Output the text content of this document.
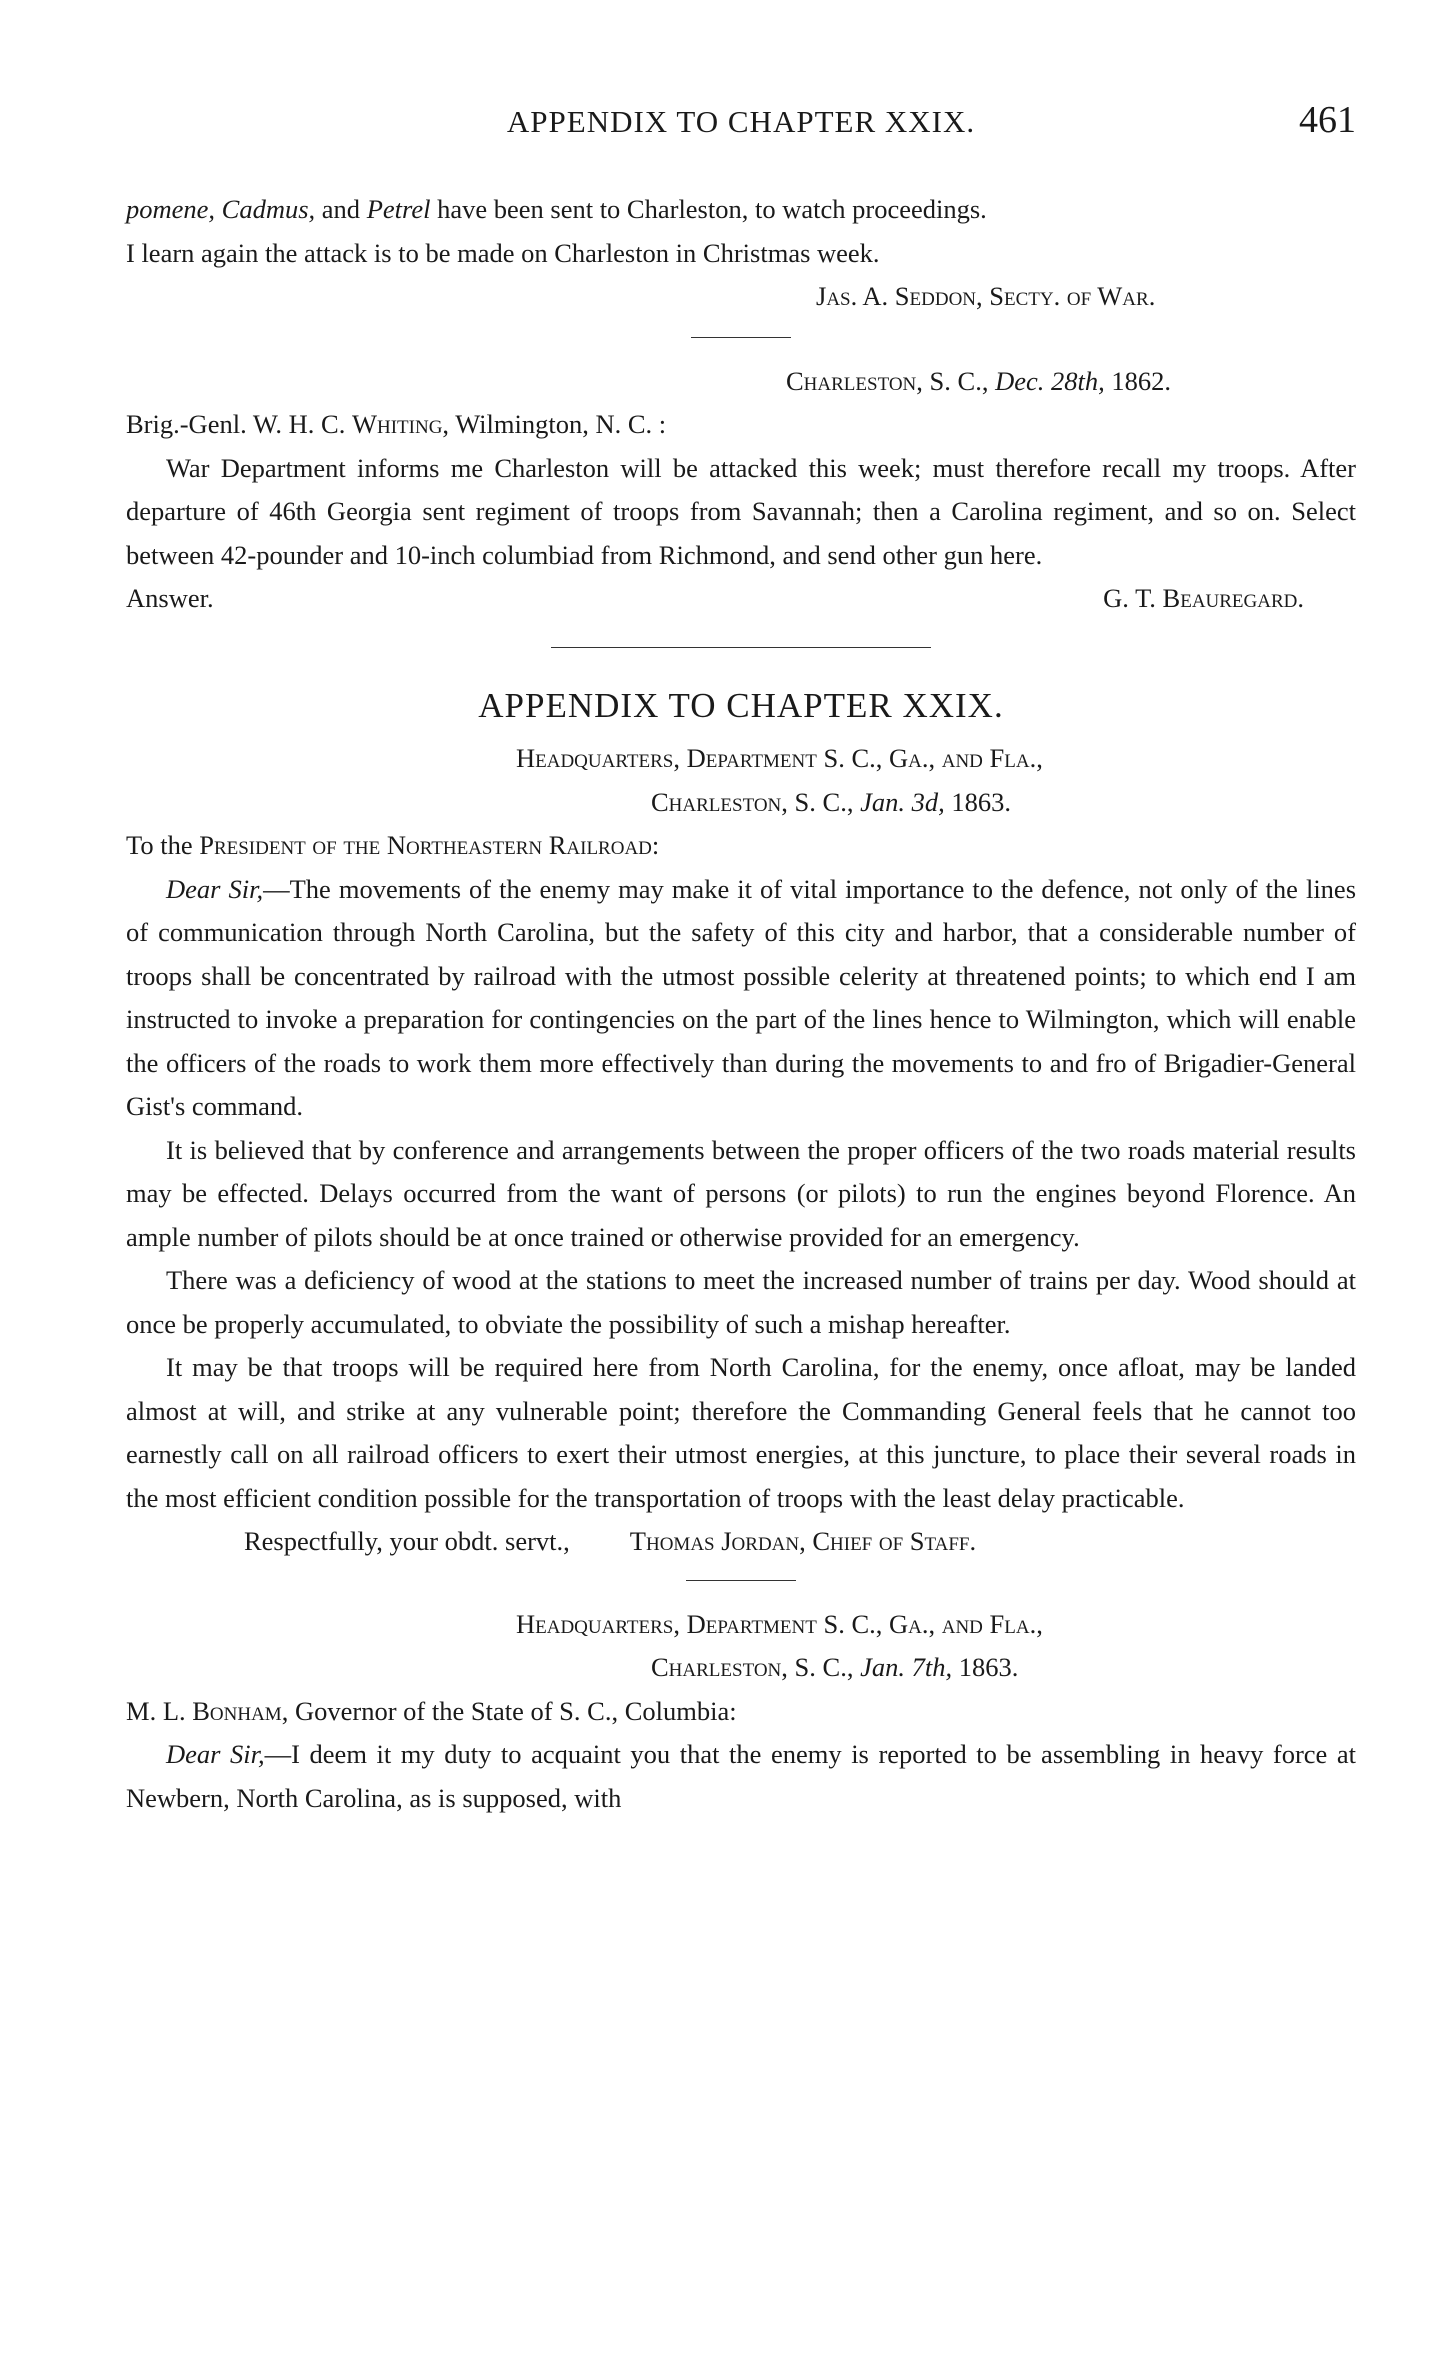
APPENDIX TO CHAPTER XXIX.	461

pomene, Cadmus, and Petrel have been sent to Charleston, to watch proceedings.

I learn again the attack is to be made on Charleston in Christmas week.

Jas. A. Seddon, Secty. of War.

Charleston, S. C., Dec. 28th, 1862.

Brig.-Genl. W. H. C. Whiting, Wilmington, N. C. :

War Department informs me Charleston will be attacked this week; must therefore recall my troops. After departure of 46th Georgia sent regiment of troops from Savannah; then a Carolina regiment, and so on. Select between 42-pounder and 10-inch columbiad from Richmond, and send other gun here.

Answer.	G. T. Beauregard.

APPENDIX TO CHAPTER XXIX.

Headquarters, Department S. C., Ga., and Fla.,

Charleston, S. C., Jan. 3d, 1863.

To the President of the Northeastern Railroad:

Dear Sir,—The movements of the enemy may make it of vital importance to the defence, not only of the lines of communication through North Carolina, but the safety of this city and harbor, that a considerable number of troops shall be concentrated by railroad with the utmost possible celerity at threatened points; to which end I am instructed to invoke a preparation for contingencies on the part of the lines hence to Wilmington, which will enable the officers of the roads to work them more effectively than during the movements to and fro of Brigadier-General Gist's command.

It is believed that by conference and arrangements between the proper officers of the two roads material results may be effected. Delays occurred from the want of persons (or pilots) to run the engines beyond Florence. An ample number of pilots should be at once trained or otherwise provided for an emergency.

There was a deficiency of wood at the stations to meet the increased number of trains per day. Wood should at once be properly accumulated, to obviate the possibility of such a mishap hereafter.

It may be that troops will be required here from North Carolina, for the enemy, once afloat, may be landed almost at will, and strike at any vulnerable point; therefore the Commanding General feels that he cannot too earnestly call on all railroad officers to exert their utmost energies, at this juncture, to place their several roads in the most efficient condition possible for the transportation of troops with the least delay practicable.

Respectfully, your obdt. servt., Thomas Jordan, Chief of Staff.

Headquarters, Department S. C., Ga., and Fla.,

Charleston, S. C., Jan. 7th, 1863.

M. L. Bonham, Governor of the State of S. C., Columbia:

Dear Sir,—I deem it my duty to acquaint you that the enemy is reported to be assembling in heavy force at Newbern, North Carolina, as is supposed, with
